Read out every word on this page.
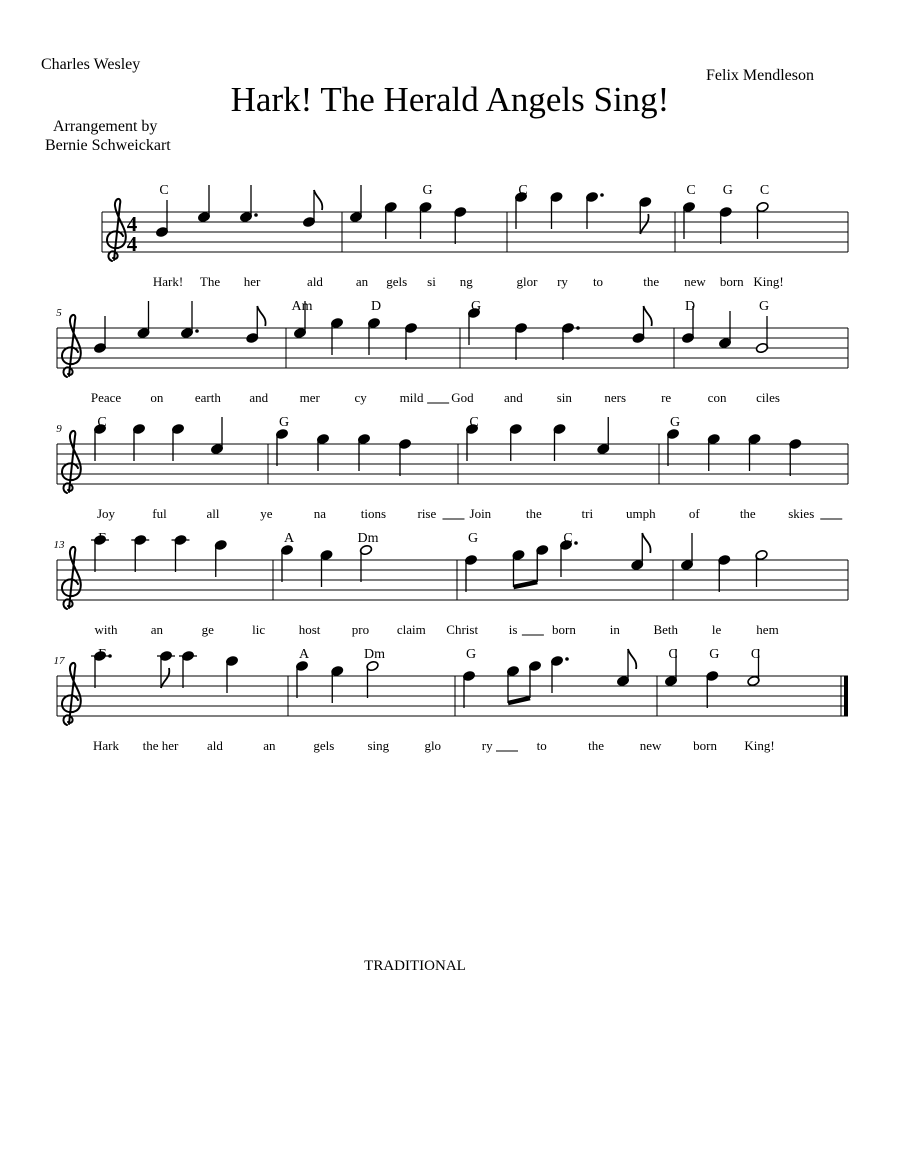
Charles Wesley
Felix Mendleson
Hark! The Herald Angels Sing!
Arrangement by
Bernie Schweickart
4
4
C	G	C	C G C
Hark! The her	ald	an gels si ng	glor ry to	the new born King!
5	Am	D	G	D	G
Peace on earth and mer	cy	mild God and	sin	ners	re	con ciles
9	C	G	C	G
Joy	ful	all	ye	na	tions rise	Join	the	tri	umph	of	the	skies
13 F	A	Dm	G	C
with	an	ge	lic	host pro claim Christ is	born	in	Beth	le	hem
17 F	A	Dm	G	C G C
Hark the her ald	an	gels	sing	glo	ry	to	the	new born King!
TRADITIONAL
